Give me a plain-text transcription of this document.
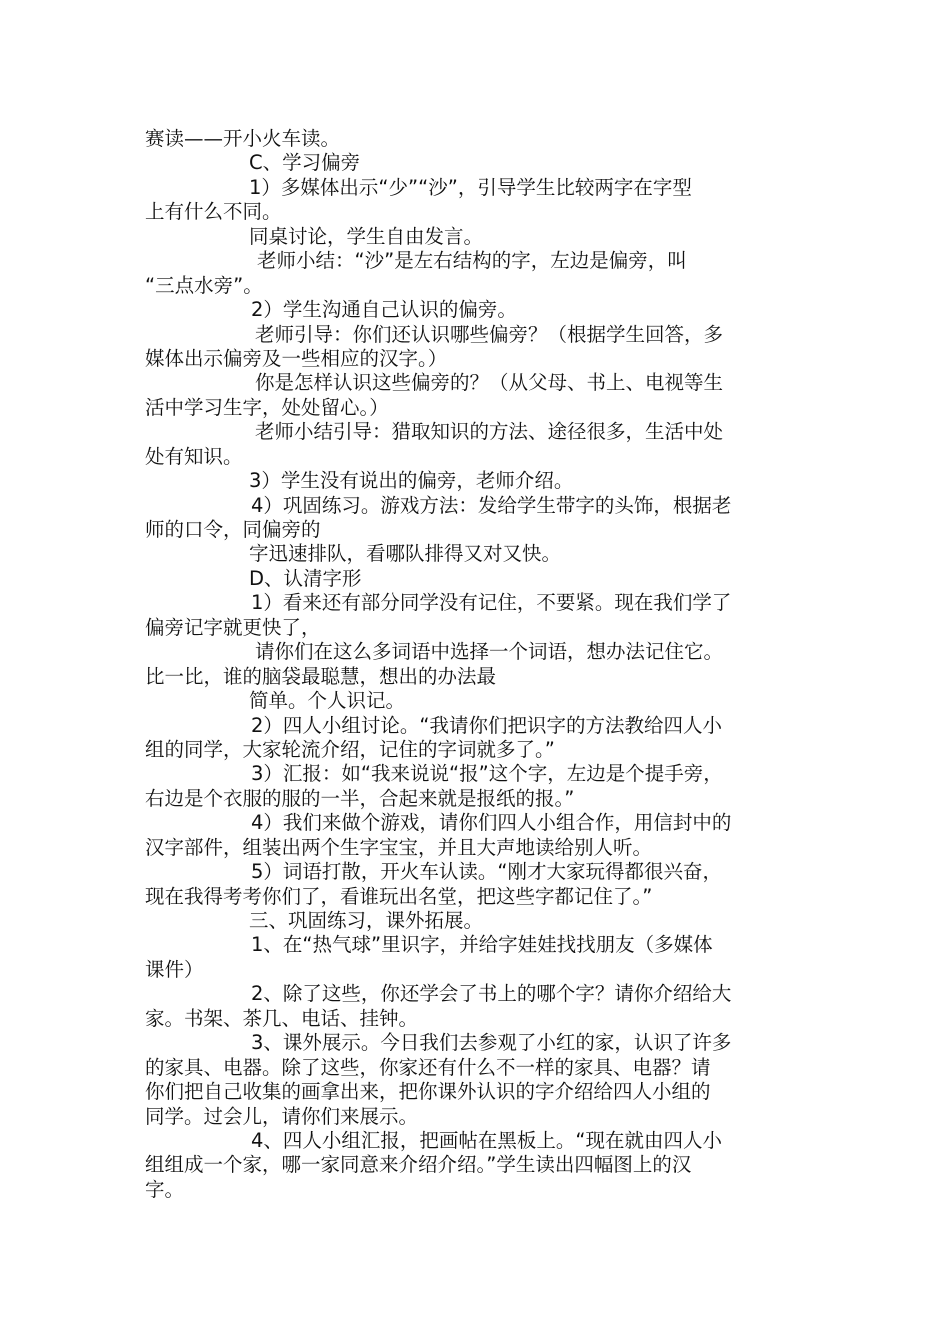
赛读——开小火车读。
C、学习偏旁
1）多媒体出示“少”“沙”，引导学生比较两字在字型
上有什么不同。
同桌讨论，学生自由发言。
老师小结：“沙”是左右结构的字，左边是偏旁，叫
“三点水旁”。
2）学生沟通自己认识的偏旁。
老师引导：你们还认识哪些偏旁？（根据学生回答，多
媒体出示偏旁及一些相应的汉字。）
你是怎样认识这些偏旁的？（从父母、书上、电视等生
活中学习生字，处处留心。）
老师小结引导：猎取知识的方法、途径很多，生活中处
处有知识。
3）学生没有说出的偏旁，老师介绍。
4）巩固练习。游戏方法：发给学生带字的头饰，根据老
师的口令，同偏旁的
字迅速排队，看哪队排得又对又快。
D、认清字形
1）看来还有部分同学没有记住，不要紧。现在我们学了
偏旁记字就更快了，
请你们在这么多词语中选择一个词语，想办法记住它。
比一比，谁的脑袋最聪慧，想出的办法最
简单。个人识记。
2）四人小组讨论。“我请你们把识字的方法教给四人小
组的同学，大家轮流介绍，记住的字词就多了。”
3）汇报：如“我来说说“报”这个字，左边是个提手旁，
右边是个衣服的服的一半，合起来就是报纸的报。”
4）我们来做个游戏，请你们四人小组合作，用信封中的
汉字部件，组装出两个生字宝宝，并且大声地读给别人听。
5）词语打散，开火车认读。“刚才大家玩得都很兴奋，
现在我得考考你们了，看谁玩出名堂，把这些字都记住了。”
三、巩固练习，课外拓展。
1、在“热气球”里识字，并给字娃娃找找朋友（多媒体
课件）
2、除了这些，你还学会了书上的哪个字？请你介绍给大
家。书架、茶几、电话、挂钟。
3、课外展示。今日我们去参观了小红的家，认识了许多
的家具、电器。除了这些，你家还有什么不一样的家具、电器？请
你们把自己收集的画拿出来，把你课外认识的字介绍给四人小组的
同学。过会儿，请你们来展示。
4、四人小组汇报，把画帖在黑板上。“现在就由四人小
组组成一个家，哪一家同意来介绍介绍。”学生读出四幅图上的汉
字。
